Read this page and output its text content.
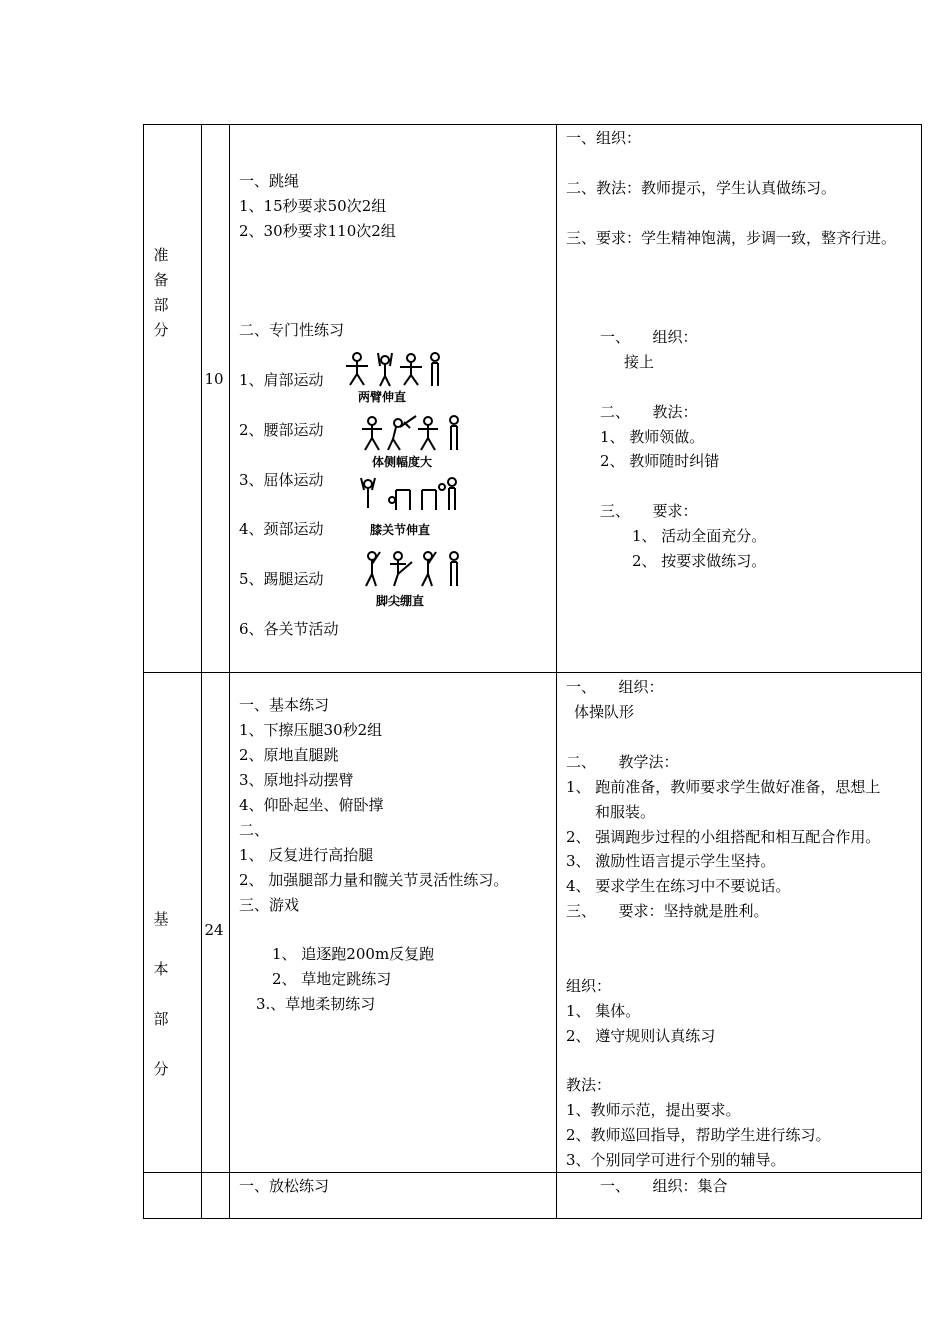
准备部分
10
一、跳绳
1、15秒要求50次2组
2、30秒要求110次2组
二、专门性练习
1、肩部运动
2、腰部运动
3、屈体运动
4、颈部运动
5、踢腿运动
6、各关节活动
两臂伸直
体侧幅度大
膝关节伸直
脚尖绷直
一、组织：
二、教法：教师提示，学生认真做练习。
三、要求：学生精神饱满，步调一致，整齐行进。
一、　　组织：
接上
二、　　教法：
1、 教师领做。
2、 教师随时纠错
三、　　要求：
1、 活动全面充分。
2、 按要求做练习。
基本部分
24
一、基本练习
1、下擦压腿30秒2组
2、原地直腿跳
3、原地抖动摆臂
4、仰卧起坐、俯卧撑
二、
1、 反复进行高抬腿
2、 加强腿部力量和髋关节灵活性练习。
三、游戏
1、 追逐跑200m反复跑
2、 草地定跳练习
3.、草地柔韧练习
一、　　组织：
体操队形
二、　　教学法：
1、 跑前准备，教师要求学生做好准备，思想上
和服装。
2、 强调跑步过程的小组搭配和相互配合作用。
3、 激励性语言提示学生坚持。
4、 要求学生在练习中不要说话。
三、　　要求：坚持就是胜利。
组织：
1、 集体。
2、 遵守规则认真练习
教法：
1、教师示范，提出要求。
2、教师巡回指导，帮助学生进行练习。
3、个别同学可进行个别的辅导。
一、放松练习	一、　　组织：集合
